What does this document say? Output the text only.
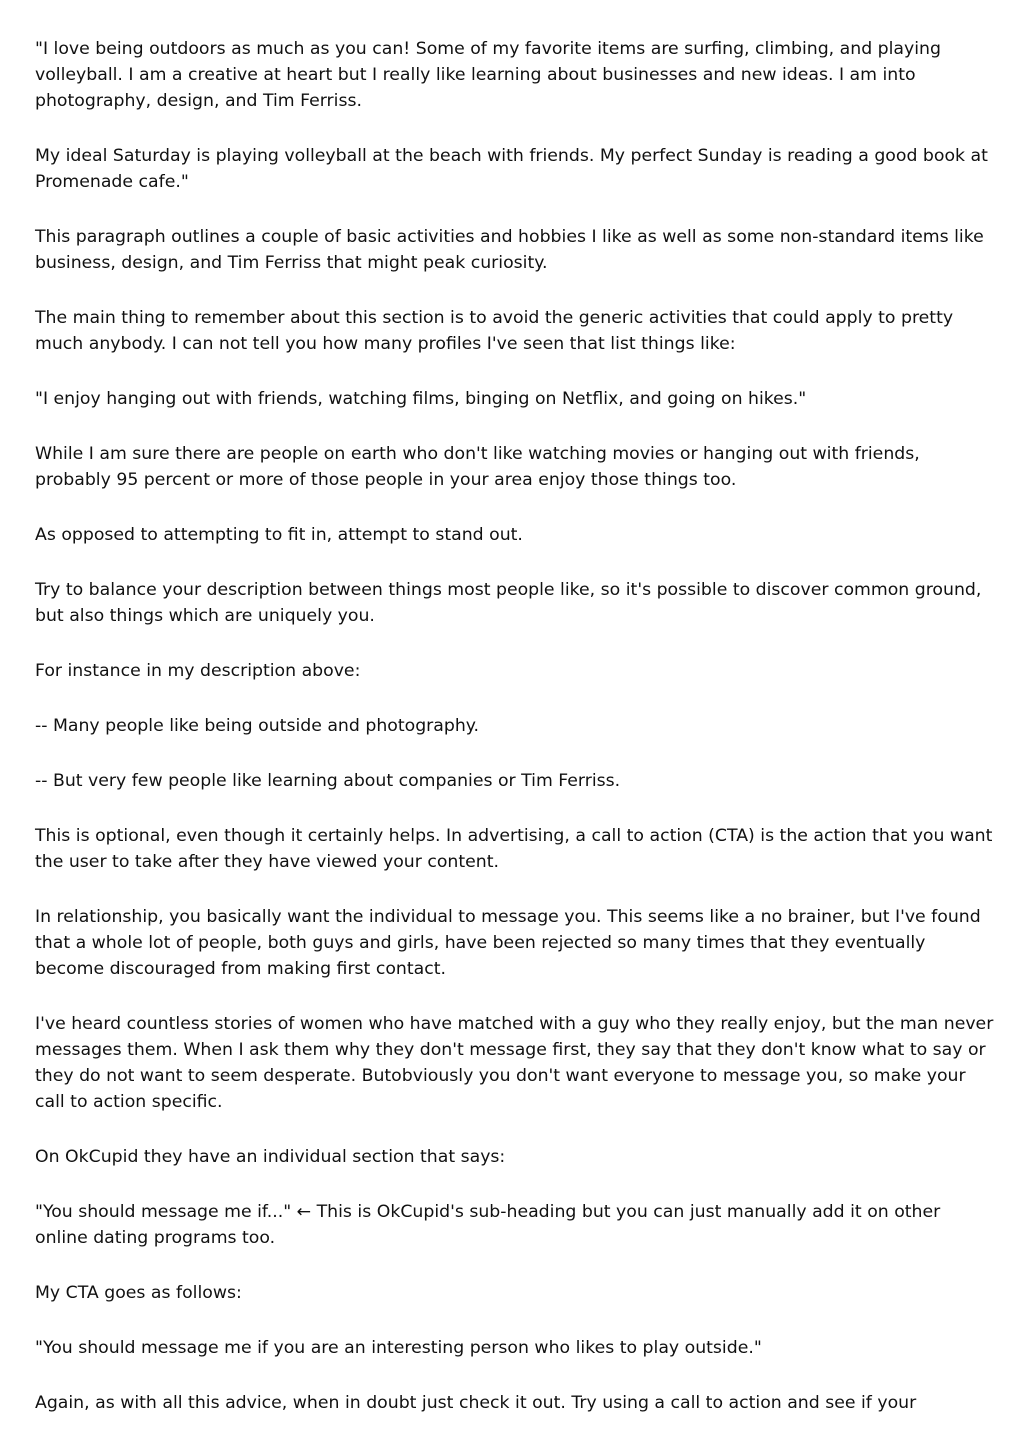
"I love being outdoors as much as you can! Some of my favorite items are surfing, climbing, and playing volleyball. I am a creative at heart but I really like learning about businesses and new ideas. I am into photography, design, and Tim Ferriss.

My ideal Saturday is playing volleyball at the beach with friends. My perfect Sunday is reading a good book at Promenade cafe."

This paragraph outlines a couple of basic activities and hobbies I like as well as some non-standard items like business, design, and Tim Ferriss that might peak curiosity.

The main thing to remember about this section is to avoid the generic activities that could apply to pretty much anybody. I can not tell you how many profiles I've seen that list things like:

"I enjoy hanging out with friends, watching films, binging on Netflix, and going on hikes."

While I am sure there are people on earth who don't like watching movies or hanging out with friends, probably 95 percent or more of those people in your area enjoy those things too.

As opposed to attempting to fit in, attempt to stand out.

Try to balance your description between things most people like, so it's possible to discover common ground, but also things which are uniquely you.

For instance in my description above:

-- Many people like being outside and photography.

-- But very few people like learning about companies or Tim Ferriss.

This is optional, even though it certainly helps. In advertising, a call to action (CTA) is the action that you want the user to take after they have viewed your content.

In relationship, you basically want the individual to message you. This seems like a no brainer, but I've found that a whole lot of people, both guys and girls, have been rejected so many times that they eventually become discouraged from making first contact.

I've heard countless stories of women who have matched with a guy who they really enjoy, but the man never messages them. When I ask them why they don't message first, they say that they don't know what to say or they do not want to seem desperate. Butobviously you don't want everyone to message you, so make your call to action specific.

On OkCupid they have an individual section that says:

"You should message me if..." ← This is OkCupid's sub-heading but you can just manually add it on other online dating programs too.

My CTA goes as follows:

"You should message me if you are an interesting person who likes to play outside."

Again, as with all this advice, when in doubt just check it out. Try using a call to action and see if your
